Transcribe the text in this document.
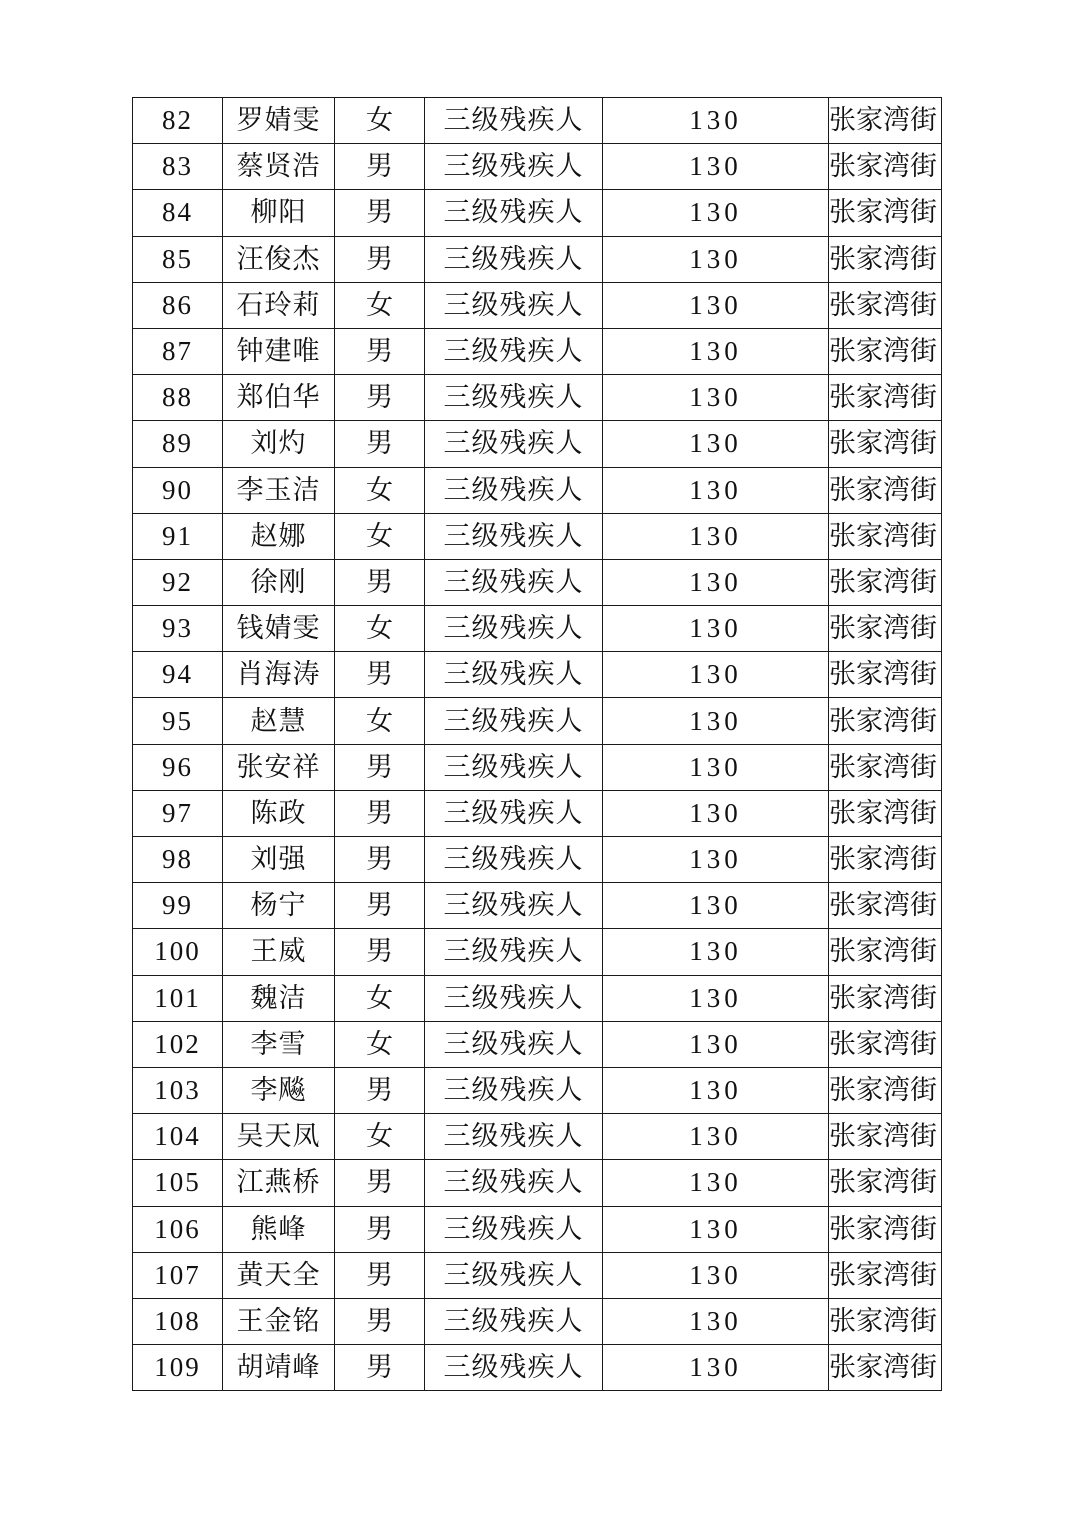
82	罗婧雯	女	三级残疾人	130	张家湾街
83	蔡贤浩	男	三级残疾人	130	张家湾街
84	柳阳	男	三级残疾人	130	张家湾街
85	汪俊杰	男	三级残疾人	130	张家湾街
86	石玲莉	女	三级残疾人	130	张家湾街
87	钟建唯	男	三级残疾人	130	张家湾街
88	郑伯华	男	三级残疾人	130	张家湾街
89	刘灼	男	三级残疾人	130	张家湾街
90	李玉洁	女	三级残疾人	130	张家湾街
91	赵娜	女	三级残疾人	130	张家湾街
92	徐刚	男	三级残疾人	130	张家湾街
93	钱婧雯	女	三级残疾人	130	张家湾街
94	肖海涛	男	三级残疾人	130	张家湾街
95	赵慧	女	三级残疾人	130	张家湾街
96	张安祥	男	三级残疾人	130	张家湾街
97	陈政	男	三级残疾人	130	张家湾街
98	刘强	男	三级残疾人	130	张家湾街
99	杨宁	男	三级残疾人	130	张家湾街
100	王威	男	三级残疾人	130	张家湾街
101	魏洁	女	三级残疾人	130	张家湾街
102	李雪	女	三级残疾人	130	张家湾街
103	李飚	男	三级残疾人	130	张家湾街
104	吴天凤	女	三级残疾人	130	张家湾街
105	江燕桥	男	三级残疾人	130	张家湾街
106	熊峰	男	三级残疾人	130	张家湾街
107	黄天全	男	三级残疾人	130	张家湾街
108	王金铭	男	三级残疾人	130	张家湾街
109	胡靖峰	男	三级残疾人	130	张家湾街
